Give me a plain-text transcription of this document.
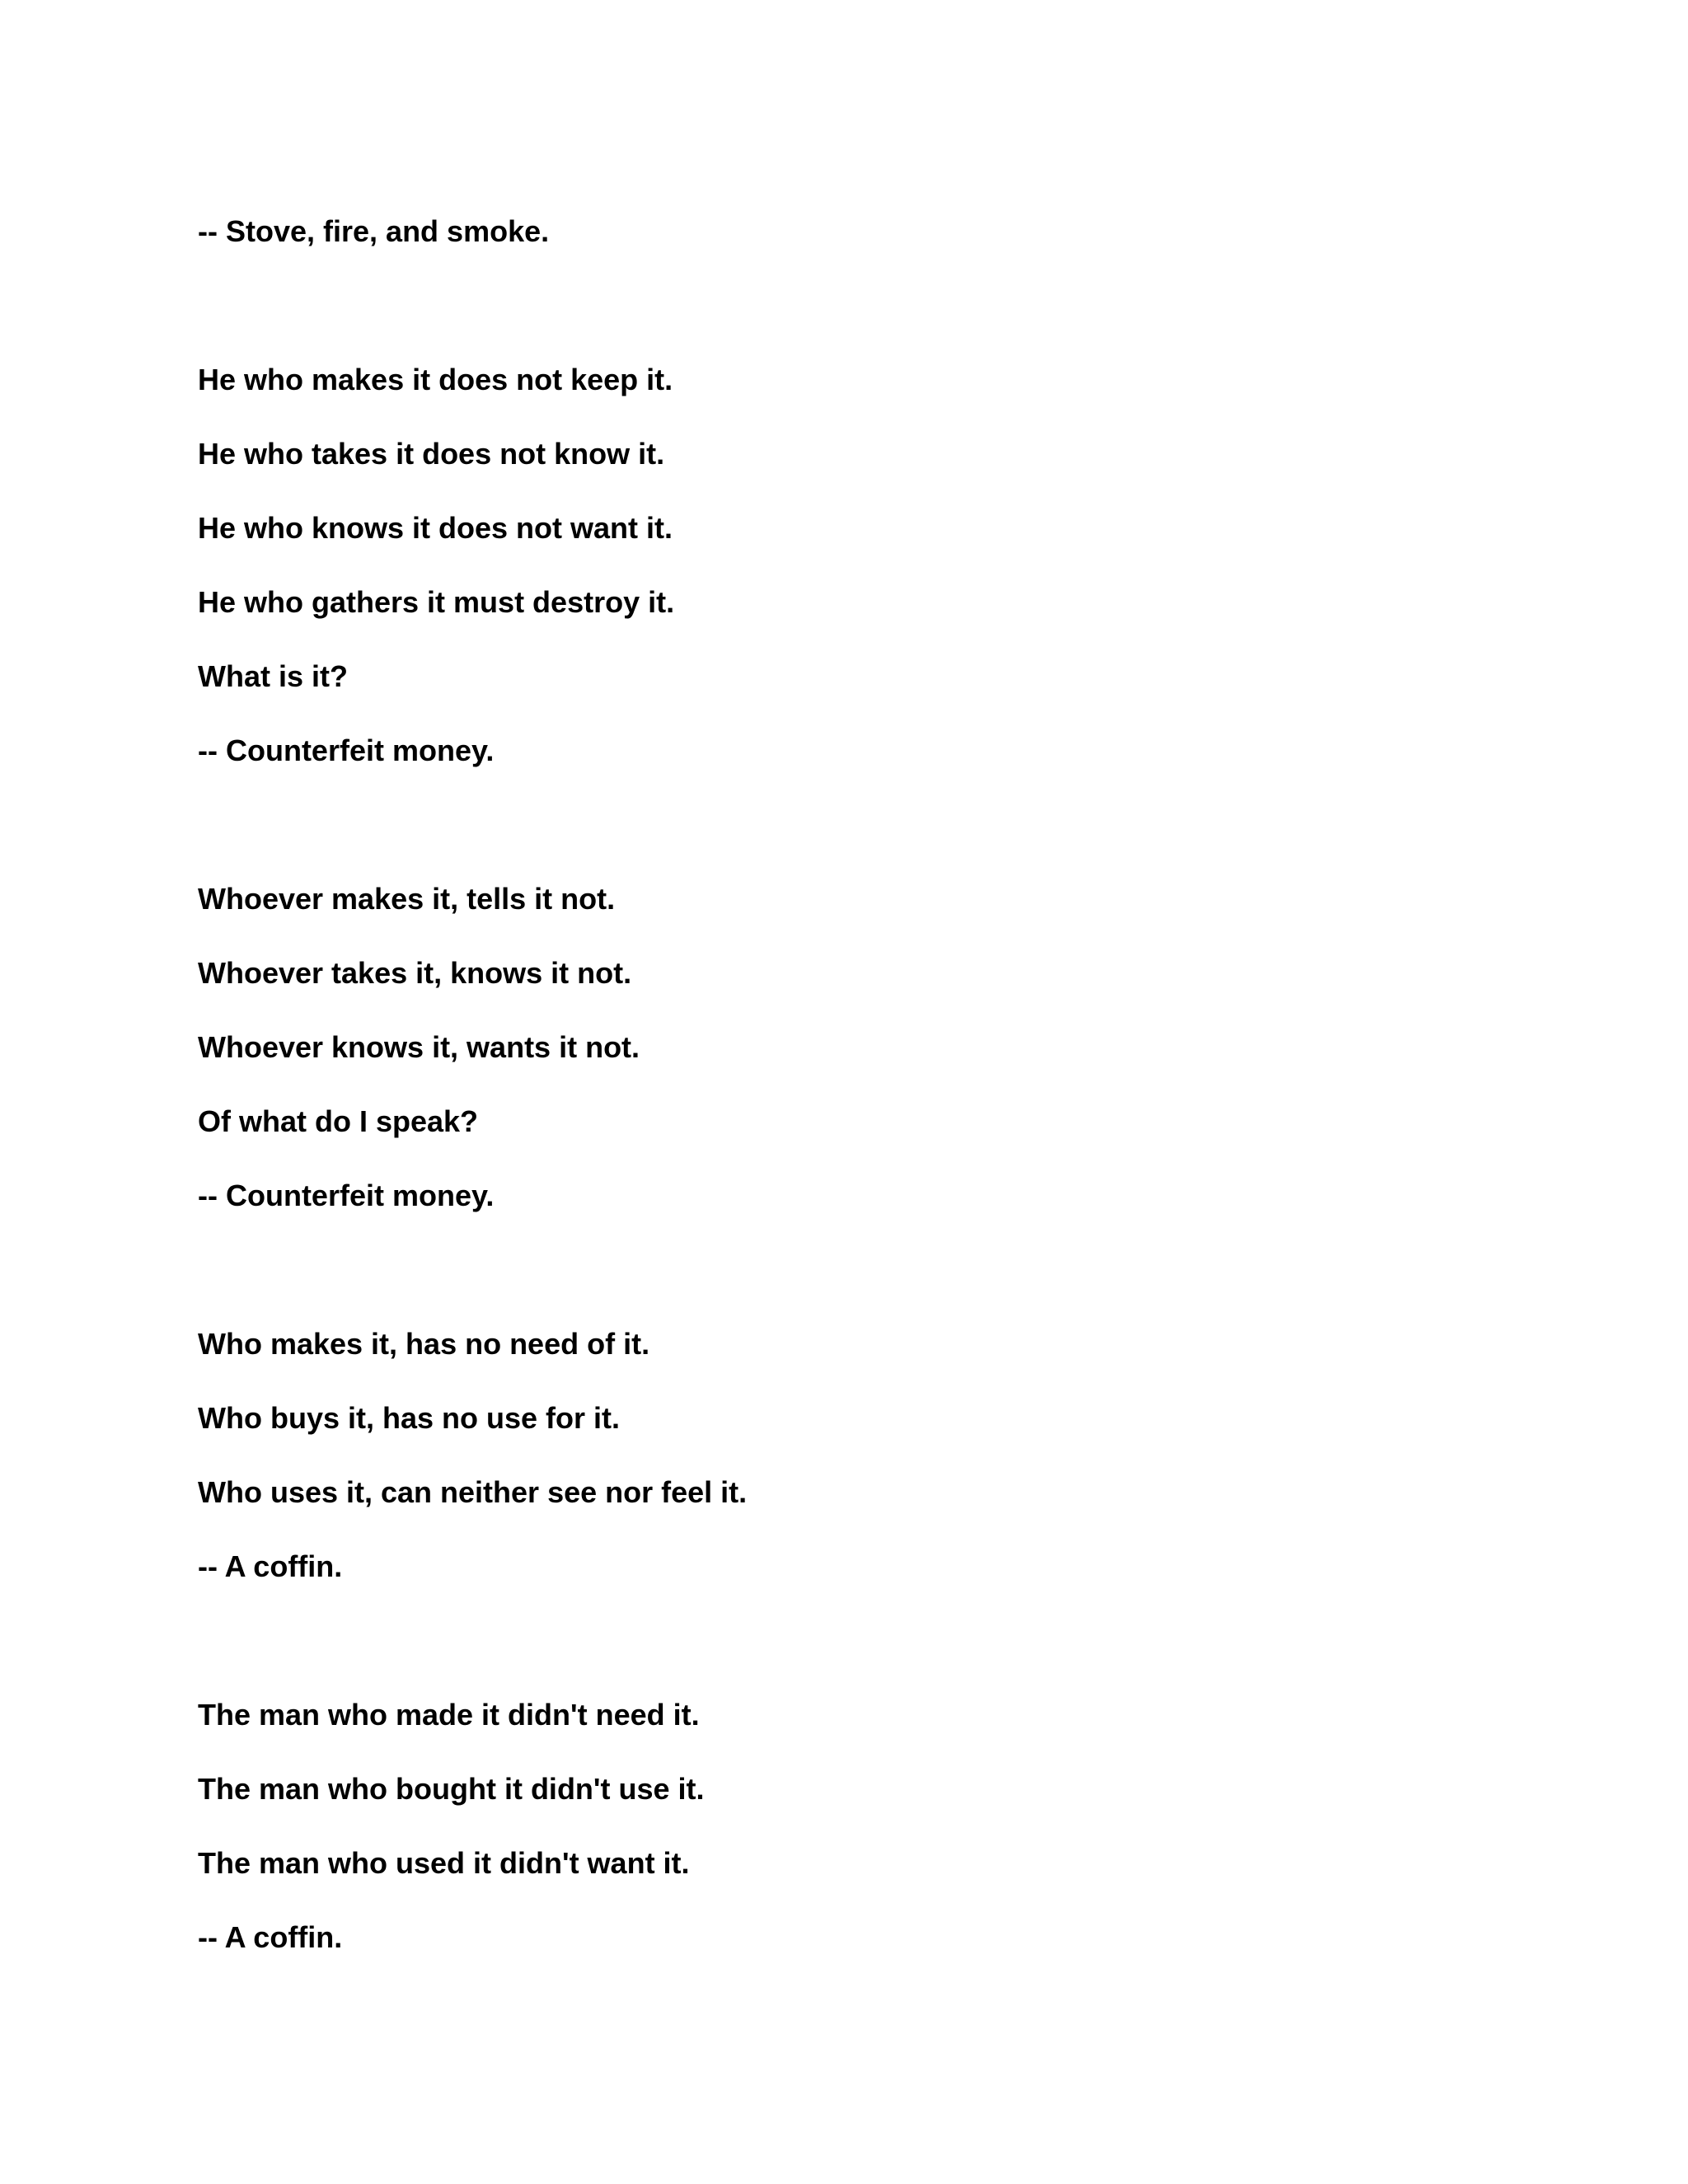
-- Stove, fire, and smoke.
He who makes it does not keep it.
He who takes it does not know it.
He who knows it does not want it.
He who gathers it must destroy it.
What is it?
-- Counterfeit money.
Whoever makes it, tells it not.
Whoever takes it, knows it not.
Whoever knows it, wants it not.
Of what do I speak?
-- Counterfeit money.
Who makes it, has no need of it.
Who buys it, has no use for it.
Who uses it, can neither see nor feel it.
-- A coffin.
The man who made it didn't need it.
The man who bought it didn't use it.
The man who used it didn't want it.
-- A coffin.
